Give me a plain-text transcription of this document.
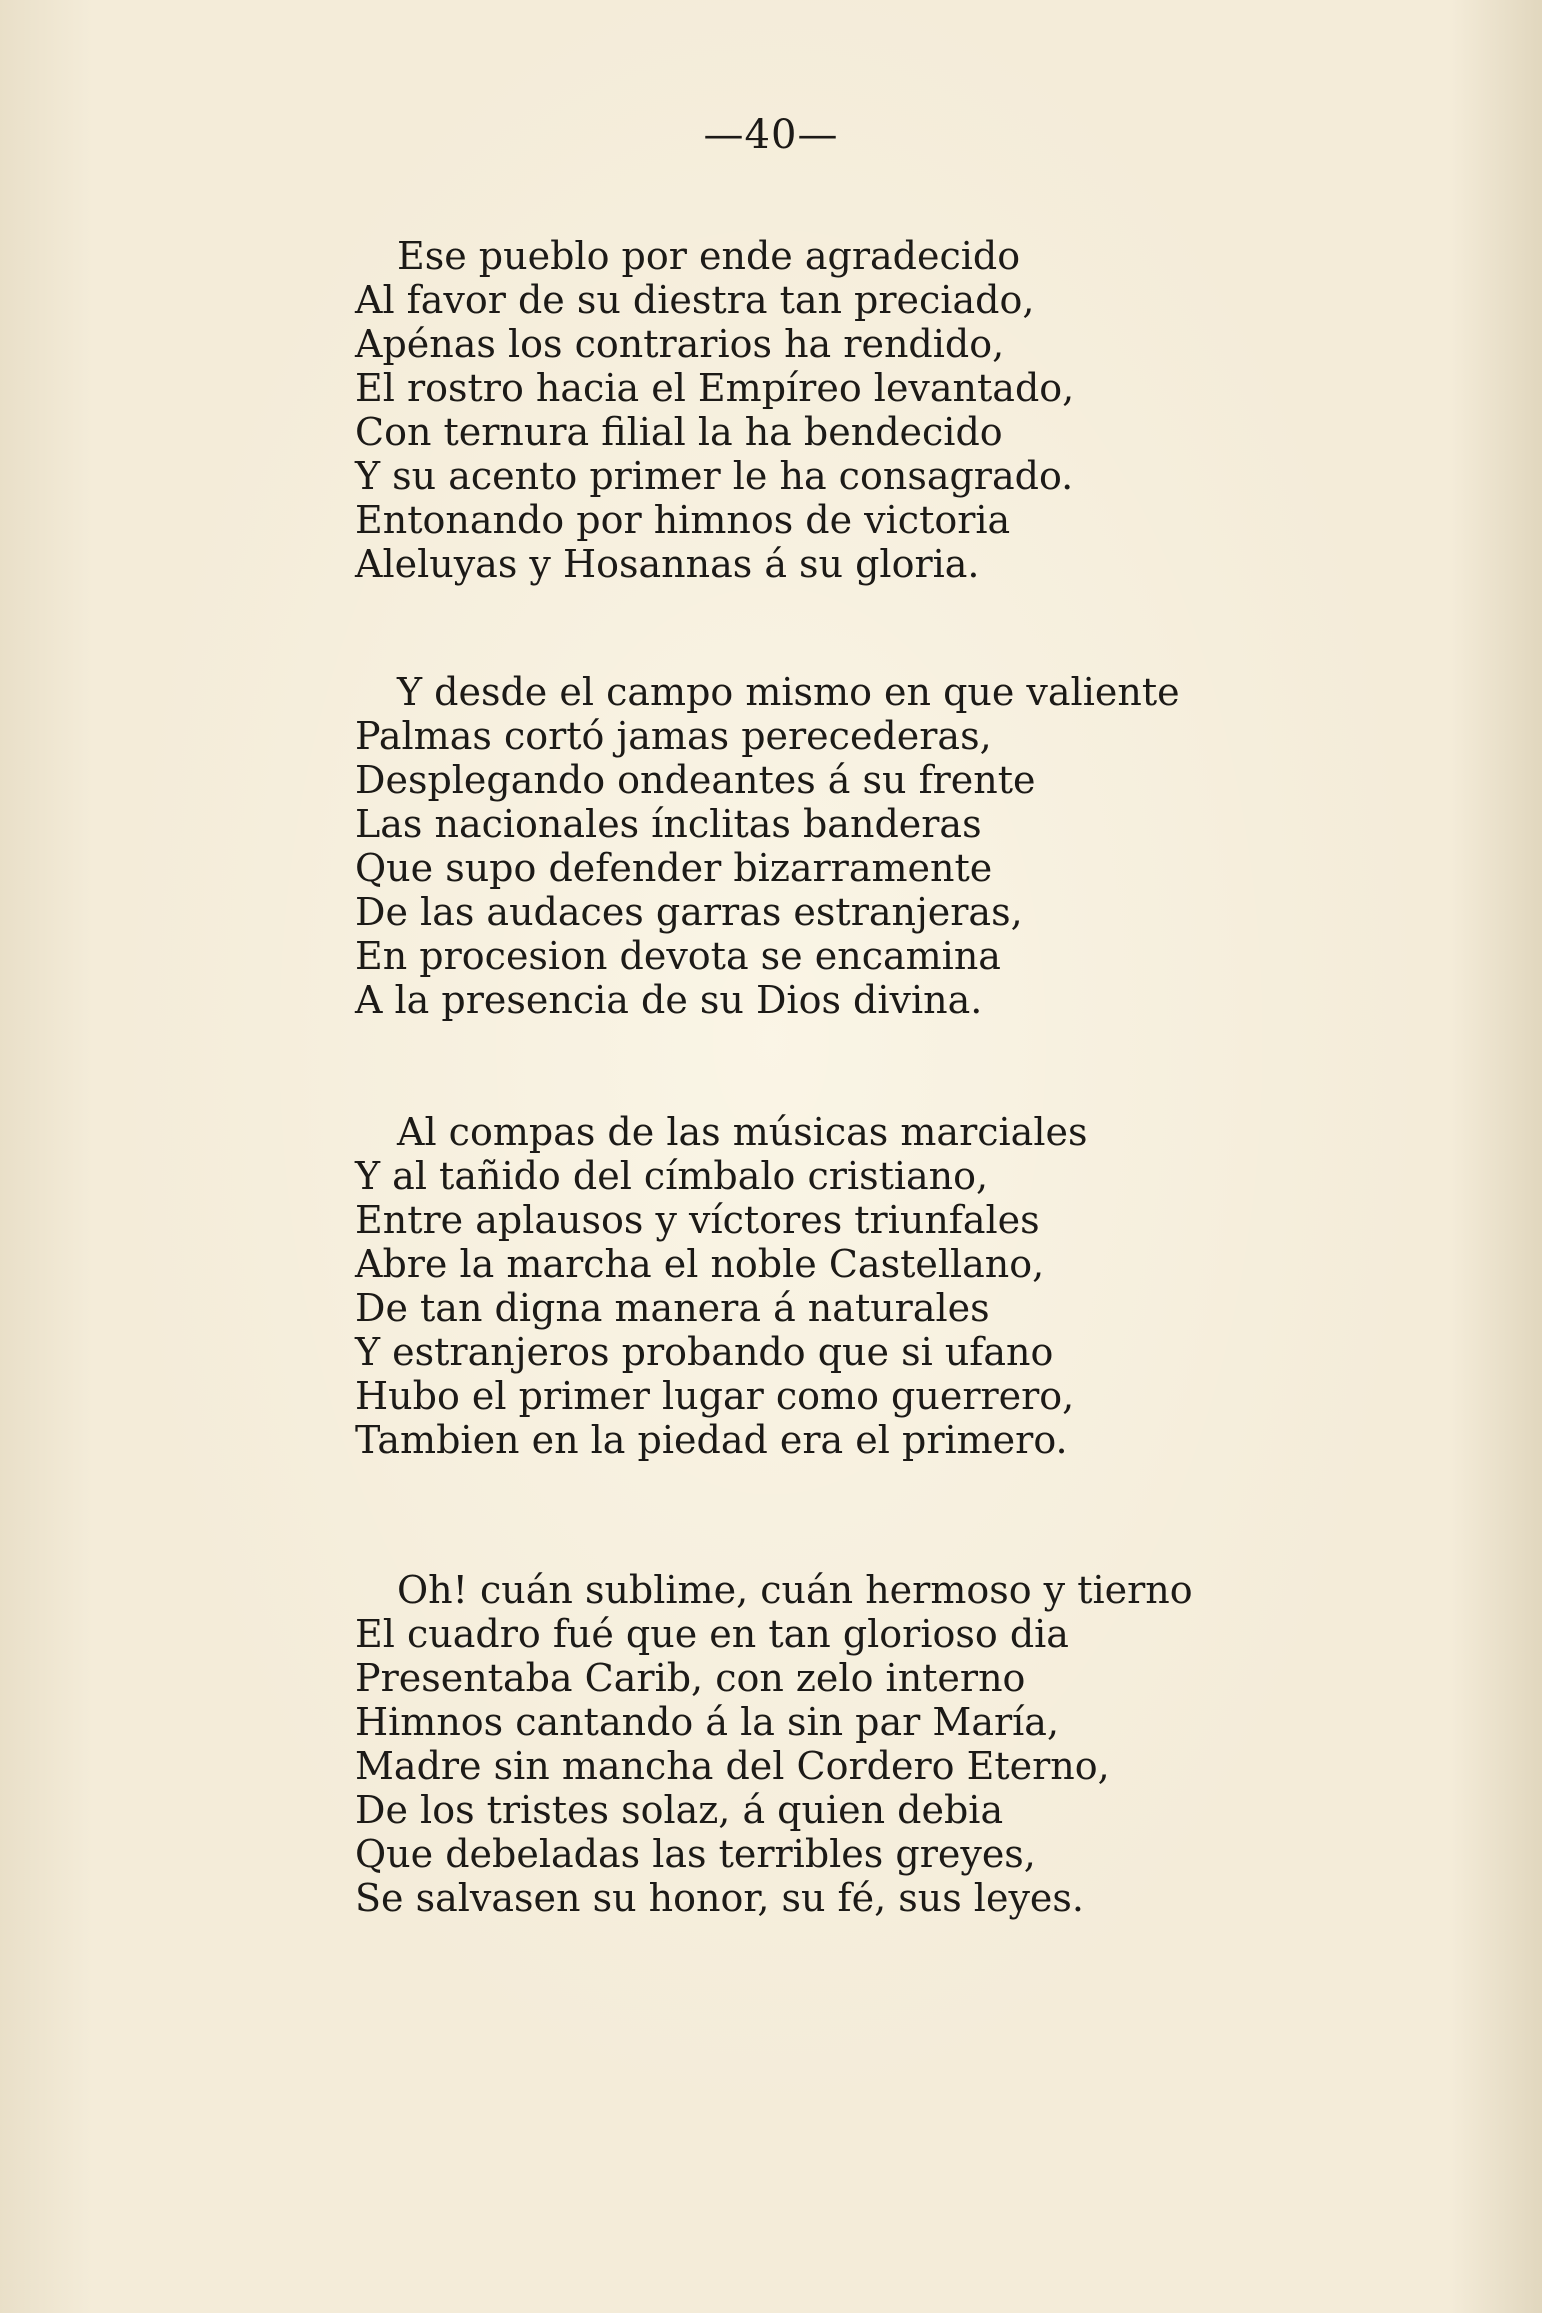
—40—
Ese pueblo por ende agradecido
Al favor de su diestra tan preciado,
Apénas los contrarios ha rendido,
El rostro hacia el Empíreo levantado,
Con ternura filial la ha bendecido
Y su acento primer le ha consagrado.
Entonando por himnos de victoria
Aleluyas y Hosannas á su gloria.
Y desde el campo mismo en que valiente
Palmas cortó jamas perecederas,
Desplegando ondeantes á su frente
Las nacionales ínclitas banderas
Que supo defender bizarramente
De las audaces garras estranjeras,
En procesion devota se encamina
A la presencia de su Dios divina.
Al compas de las músicas marciales
Y al tañido del címbalo cristiano,
Entre aplausos y víctores triunfales
Abre la marcha el noble Castellano,
De tan digna manera á naturales
Y estranjeros probando que si ufano
Hubo el primer lugar como guerrero,
Tambien en la piedad era el primero.
Oh! cuán sublime, cuán hermoso y tierno
El cuadro fué que en tan glorioso dia
Presentaba Carib, con zelo interno
Himnos cantando á la sin par María,
Madre sin mancha del Cordero Eterno,
De los tristes solaz, á quien debia
Que debeladas las terribles greyes,
Se salvasen su honor, su fé, sus leyes.
